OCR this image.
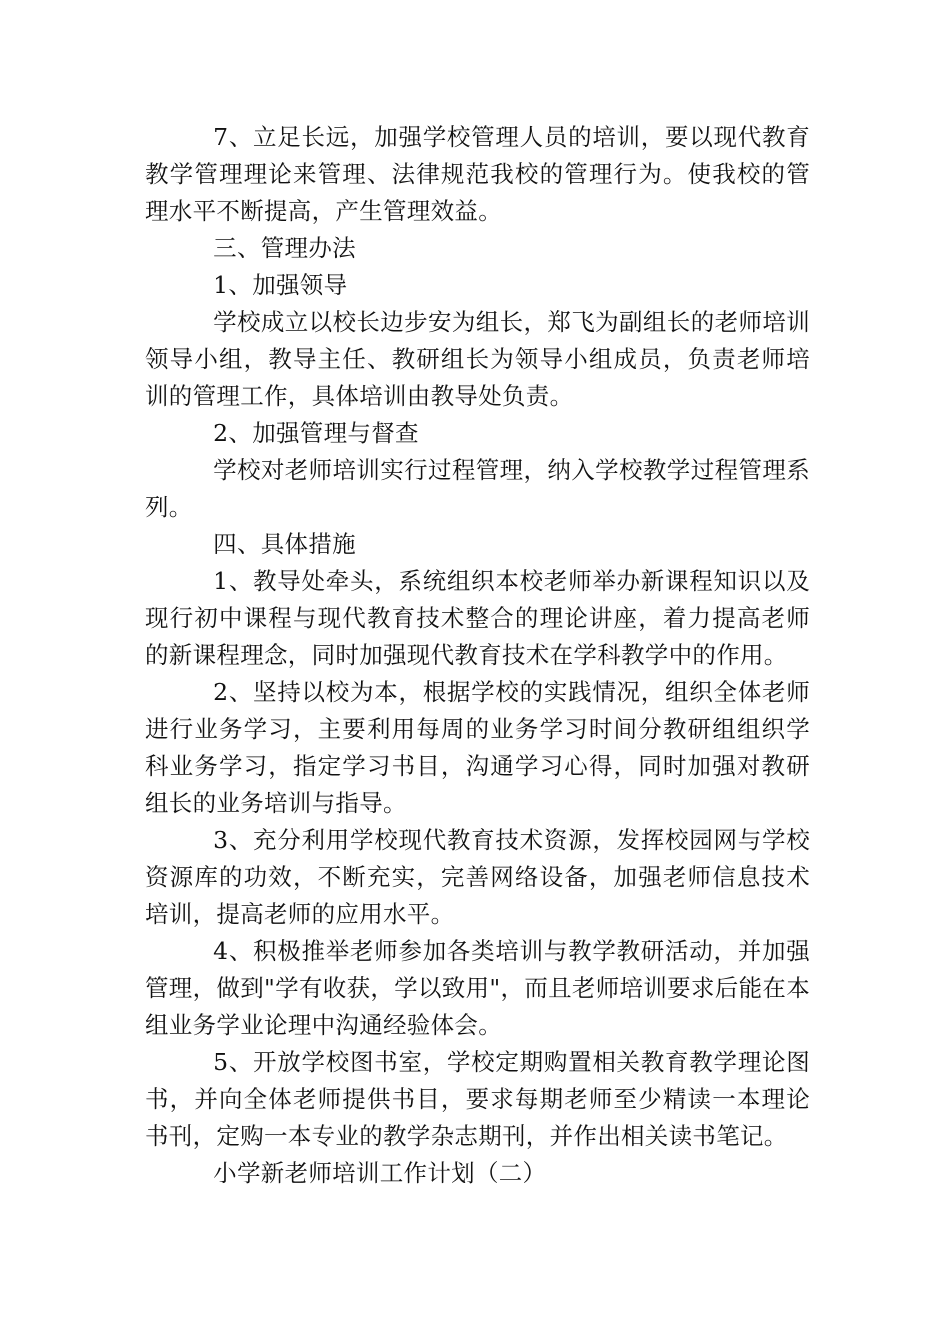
7、立足长远，加强学校管理人员的培训，要以现代教育教学管理理论来管理、法律规范我校的管理行为。使我校的管理水平不断提高，产生管理效益。

三、管理办法

1、加强领导

学校成立以校长边步安为组长，郑飞为副组长的老师培训领导小组，教导主任、教研组长为领导小组成员，负责老师培训的管理工作，具体培训由教导处负责。

2、加强管理与督查

学校对老师培训实行过程管理，纳入学校教学过程管理系列。

四、具体措施

1、教导处牵头，系统组织本校老师举办新课程知识以及现行初中课程与现代教育技术整合的理论讲座，着力提高老师的新课程理念，同时加强现代教育技术在学科教学中的作用。

2、坚持以校为本，根据学校的实践情况，组织全体老师进行业务学习，主要利用每周的业务学习时间分教研组组织学科业务学习，指定学习书目，沟通学习心得，同时加强对教研组长的业务培训与指导。

3、充分利用学校现代教育技术资源，发挥校园网与学校资源库的功效，不断充实，完善网络设备，加强老师信息技术培训，提高老师的应用水平。

4、积极推举老师参加各类培训与教学教研活动，并加强管理，做到"学有收获，学以致用"，而且老师培训要求后能在本组业务学业论理中沟通经验体会。

5、开放学校图书室，学校定期购置相关教育教学理论图书，并向全体老师提供书目，要求每期老师至少精读一本理论书刊，定购一本专业的教学杂志期刊，并作出相关读书笔记。

小学新老师培训工作计划（二）
